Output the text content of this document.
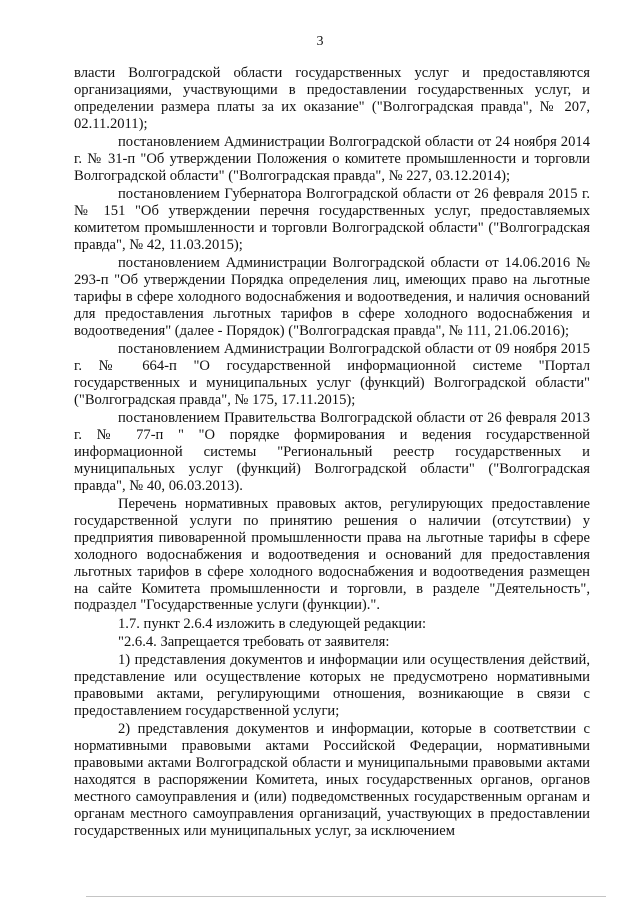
3

власти Волгоградской области государственных услуг и предоставляются организациями, участвующими в предоставлении государственных услуг, и определении размера платы за их оказание" ("Волгоградская правда", № 207, 02.11.2011);

постановлением Администрации Волгоградской области от 24 ноября 2014 г. № 31-п "Об утверждении Положения о комитете промышленности и торговли Волгоградской области" ("Волгоградская правда", № 227, 03.12.2014);

постановлением Губернатора Волгоградской области от 26 февраля 2015 г. № 151 "Об утверждении перечня государственных услуг, предоставляемых комитетом промышленности и торговли Волгоградской области" ("Волгоградская правда", № 42, 11.03.2015);

постановлением Администрации Волгоградской области от 14.06.2016 № 293-п "Об утверждении Порядка определения лиц, имеющих право на льготные тарифы в сфере холодного водоснабжения и водоотведения, и наличия оснований для предоставления льготных тарифов в сфере холодного водоснабжения и водоотведения" (далее - Порядок) ("Волгоградская правда", № 111, 21.06.2016);

постановлением Администрации Волгоградской области от 09 ноября 2015 г. № 664-п "О государственной информационной системе "Портал государственных и муниципальных услуг (функций) Волгоградской области" ("Волгоградская правда", № 175, 17.11.2015);

постановлением Правительства Волгоградской области от 26 февраля 2013 г. № 77-п " "О порядке формирования и ведения государственной информационной системы "Региональный реестр государственных и муниципальных услуг (функций) Волгоградской области" ("Волгоградская правда", № 40, 06.03.2013).

Перечень нормативных правовых актов, регулирующих предоставление государственной услуги по принятию решения о наличии (отсутствии) у предприятия пивоваренной промышленности права на льготные тарифы в сфере холодного водоснабжения и водоотведения и оснований для предоставления льготных тарифов в сфере холодного водоснабжения и водоотведения размещен на сайте Комитета промышленности и торговли, в разделе "Деятельность", подраздел "Государственные услуги (функции).".

1.7. пункт 2.6.4 изложить в следующей редакции:

"2.6.4. Запрещается требовать от заявителя:

1) представления документов и информации или осуществления действий, представление или осуществление которых не предусмотрено нормативными правовыми актами, регулирующими отношения, возникающие в связи с предоставлением государственной услуги;

2) представления документов и информации, которые в соответствии с нормативными правовыми актами Российской Федерации, нормативными правовыми актами Волгоградской области и муниципальными правовыми актами находятся в распоряжении Комитета, иных государственных органов, органов местного самоуправления и (или) подведомственных государственным органам и органам местного самоуправления организаций, участвующих в предоставлении государственных или муниципальных услуг, за исключением
